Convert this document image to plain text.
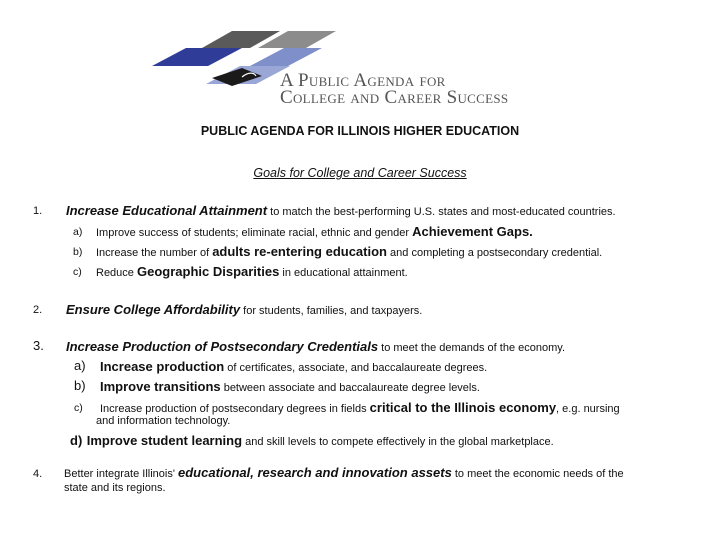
A Public Agenda for
College and Career Success
PUBLIC AGENDA FOR ILLINOIS HIGHER EDUCATION
Goals for College and Career Success
1. Increase Educational Attainment to match the best-performing U.S. states and most-educated countries.
a) Improve success of students; eliminate racial, ethnic and gender Achievement Gaps.
b) Increase the number of adults re-entering education and completing a postsecondary credential.
c) Reduce Geographic Disparities in educational attainment.
2. Ensure College Affordability for students, families, and taxpayers.
3. Increase Production of Postsecondary Credentials to meet the demands of the economy.
a) Increase production of certificates, associate, and baccalaureate degrees.
b) Improve transitions between associate and baccalaureate degree levels.
c) Increase production of postsecondary degrees in fields critical to the Illinois economy, e.g. nursing
and information technology.
d) Improve student learning and skill levels to compete effectively in the global marketplace.
4. Better integrate Illinois' educational, research and innovation assets to meet the economic needs of the
state and its regions.
